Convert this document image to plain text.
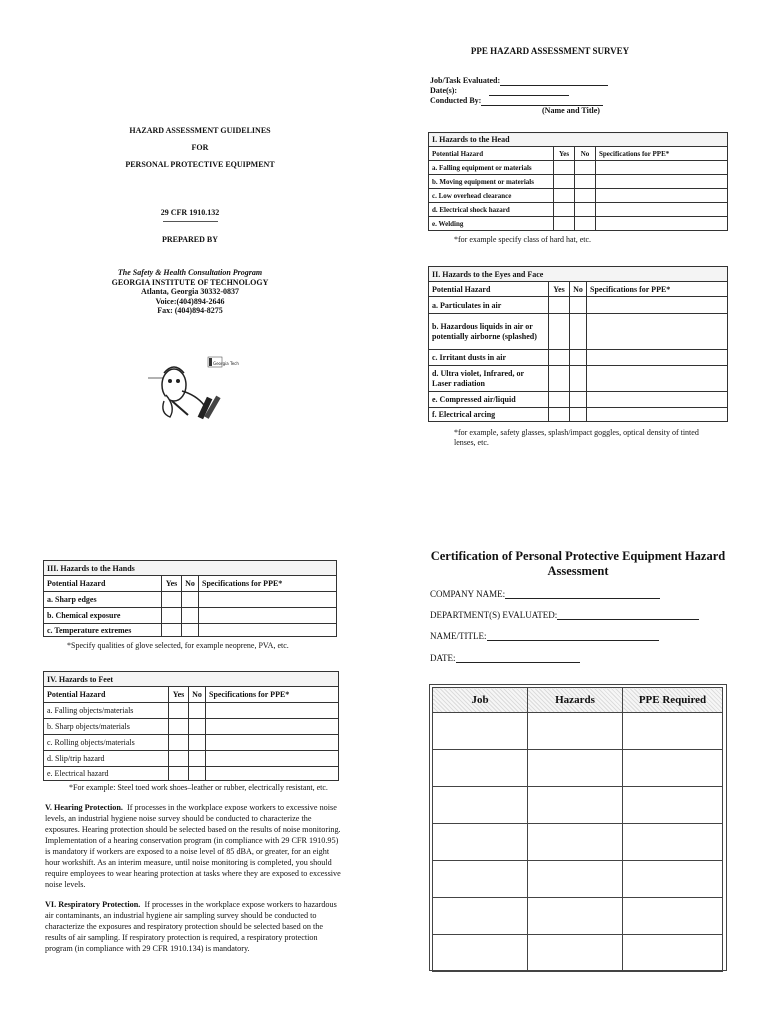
PPE HAZARD ASSESSMENT SURVEY
Job/Task Evaluated:
Date(s):
Conducted By:
(Name and Title)
HAZARD ASSESSMENT GUIDELINES
FOR
PERSONAL PROTECTIVE EQUIPMENT
29 CFR 1910.132
PREPARED BY
The Safety & Health Consultation Program
GEORGIA INSTITUTE OF TECHNOLOGY
Atlanta, Georgia 30332-0837
Voice:(404)894-2646
Fax: (404)894-8275
Georgia Tech
I. Hazards to the Head			
Potential Hazard	Yes	No	Specifications for PPE*
a. Falling equipment or materials			
b. Moving equipment or materials			
c. Low overhead clearance			
d. Electrical shock hazard			
e. Welding			
*for example specify class of hard hat, etc.
II. Hazards to the Eyes and Face			
Potential Hazard	Yes	No	Specifications for PPE*
a. Particulates in air			
b. Hazardous liquids in air or potentially airborne (splashed)			
c. Irritant dusts in air			
d. Ultra violet, Infrared, or Laser radiation			
e. Compressed air/liquid			
f. Electrical arcing			
*for example, safety glasses, splash/impact goggles, optical density of tinted lenses, etc.
III. Hazards to the Hands			
Potential Hazard	Yes	No	Specifications for PPE*
a. Sharp edges			
b. Chemical exposure			
c. Temperature extremes			
*Specify qualities of glove selected, for example neoprene, PVA, etc.
IV. Hazards to Feet			
Potential Hazard	Yes	No	Specifications for PPE*
a. Falling objects/materials			
b. Sharp objects/materials			
c. Rolling objects/materials			
d. Slip/trip hazard			
e. Electrical hazard			
*For example: Steel toed work shoes–leather or rubber, electrically resistant, etc.
V. Hearing Protection. If processes in the workplace expose workers to excessive noise levels, an industrial hygiene noise survey should be conducted to characterize the exposures. Hearing protection should be selected based on the results of noise monitoring. Implementation of a hearing conservation program (in compliance with 29 CFR 1910.95) is mandatory if workers are exposed to a noise level of 85 dBA, or greater, for an eight hour workshift. As an interim measure, until noise monitoring is completed, you should require employees to wear hearing protection at tasks where they are exposed to excessive noise levels.
VI. Respiratory Protection. If processes in the workplace expose workers to hazardous air contaminants, an industrial hygiene air sampling survey should be conducted to characterize the exposures and respiratory protection should be selected based on the results of air sampling. If respiratory protection is required, a respiratory protection program (in compliance with 29 CFR 1910.134) is mandatory.
Certification of Personal Protective Equipment Hazard Assessment
COMPANY NAME:
DEPARTMENT(S) EVALUATED:
NAME/TITLE:
DATE:
Job	Hazards	PPE Required
